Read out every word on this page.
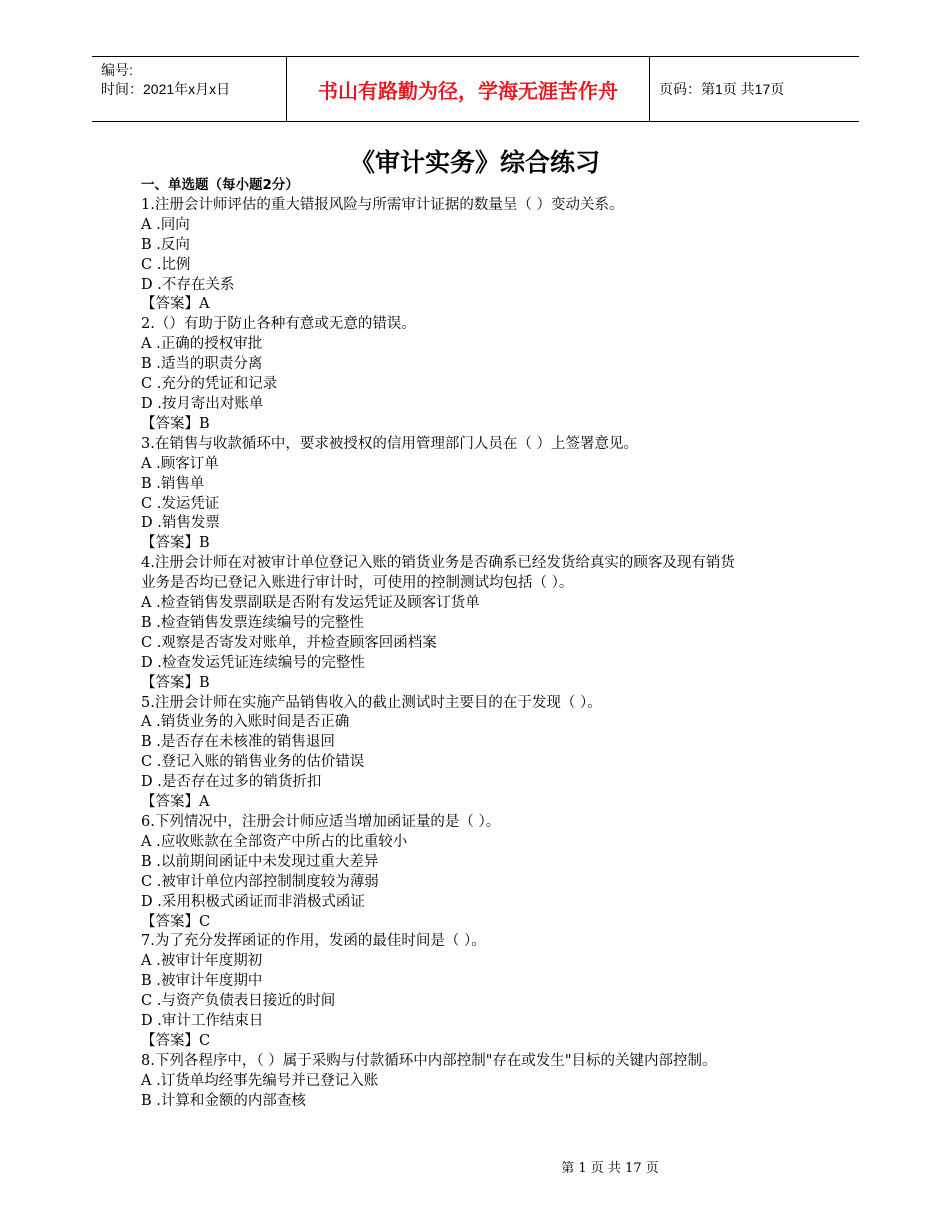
编号:
时间：2021年x月x日	书山有路勤为径，学海无涯苦作舟	页码：第1页 共17页
《审计实务》综合练习
一、单选题（每小题2分）
1.注册会计师评估的重大错报风险与所需审计证据的数量呈（ ）变动关系。
A .同向
B .反向
C .比例
D .不存在关系
【答案】A
2.（）有助于防止各种有意或无意的错误。
A .正确的授权审批
B .适当的职责分离
C .充分的凭证和记录
D .按月寄出对账单
【答案】B
3.在销售与收款循环中，要求被授权的信用管理部门人员在（ ）上签署意见。
A .顾客订单
B .销售单
C .发运凭证
D .销售发票
【答案】B
4.注册会计师在对被审计单位登记入账的销货业务是否确系已经发货给真实的顾客及现有销货
业务是否均已登记入账进行审计时，可使用的控制测试均包括（ ）。
A .检查销售发票副联是否附有发运凭证及顾客订货单
B .检查销售发票连续编号的完整性
C .观察是否寄发对账单，并检查顾客回函档案
D .检查发运凭证连续编号的完整性
【答案】B
5.注册会计师在实施产品销售收入的截止测试时主要目的在于发现（ ）。
A .销货业务的入账时间是否正确
B .是否存在未核准的销售退回
C .登记入账的销售业务的估价错误
D .是否存在过多的销货折扣
【答案】A
6.下列情况中，注册会计师应适当增加函证量的是（ ）。
A .应收账款在全部资产中所占的比重较小
B .以前期间函证中未发现过重大差异
C .被审计单位内部控制制度较为薄弱
D .采用积极式函证而非消极式函证
【答案】C
7.为了充分发挥函证的作用，发函的最佳时间是（ ）。
A .被审计年度期初
B .被审计年度期中
C .与资产负债表日接近的时间
D .审计工作结束日
【答案】C
8.下列各程序中，（ ）属于采购与付款循环中内部控制"存在或发生"目标的关键内部控制。
A .订货单均经事先编号并已登记入账
B .计算和金额的内部查核
第 1 页 共 17 页
